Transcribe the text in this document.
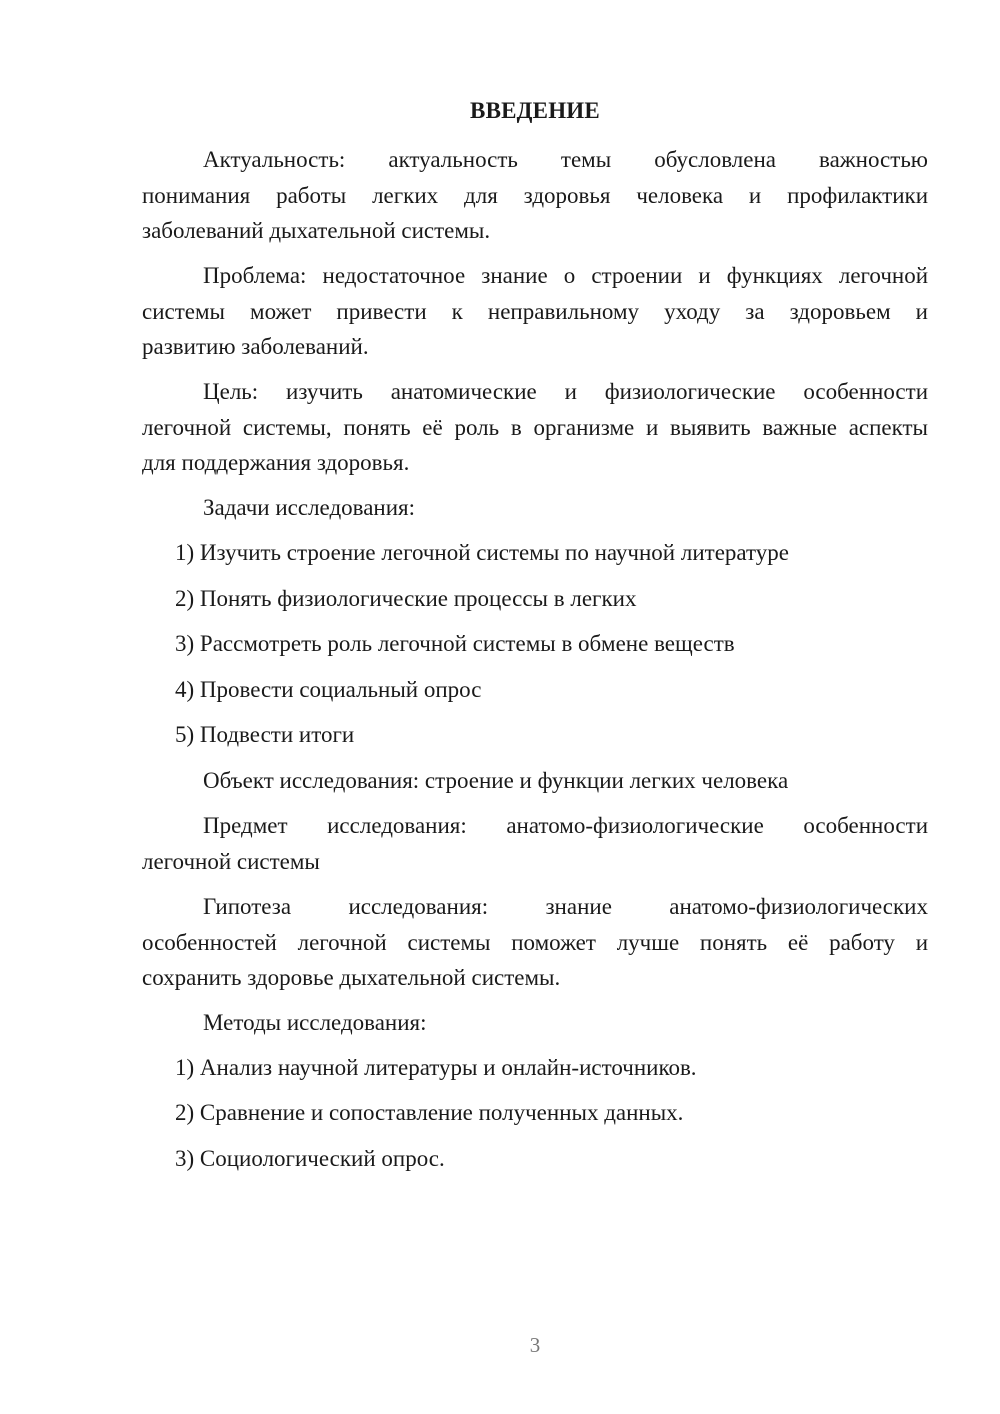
ВВЕДЕНИЕ
Актуальность: актуальность темы обусловлена важностью
понимания работы легких для здоровья человека и профилактики
заболеваний дыхательной системы.
Проблема: недостаточное знание о строении и функциях легочной
системы может привести к неправильному уходу за здоровьем и
развитию заболеваний.
Цель: изучить анатомические и физиологические особенности
легочной системы, понять её роль в организме и выявить важные аспекты
для поддержания здоровья.
Задачи исследования:
1) Изучить строение легочной системы по научной литературе
2) Понять физиологические процессы в легких
3) Рассмотреть роль легочной системы в обмене веществ
4) Провести социальный опрос
5) Подвести итоги
Объект исследования: строение и функции легких человека
Предмет исследования: анатомо-физиологические особенности
легочной системы
Гипотеза исследования: знание анатомо-физиологических
особенностей легочной системы поможет лучше понять её работу и
сохранить здоровье дыхательной системы.
Методы исследования:
1) Анализ научной литературы и онлайн-источников.
2) Сравнение и сопоставление полученных данных.
3) Социологический опрос.
3
